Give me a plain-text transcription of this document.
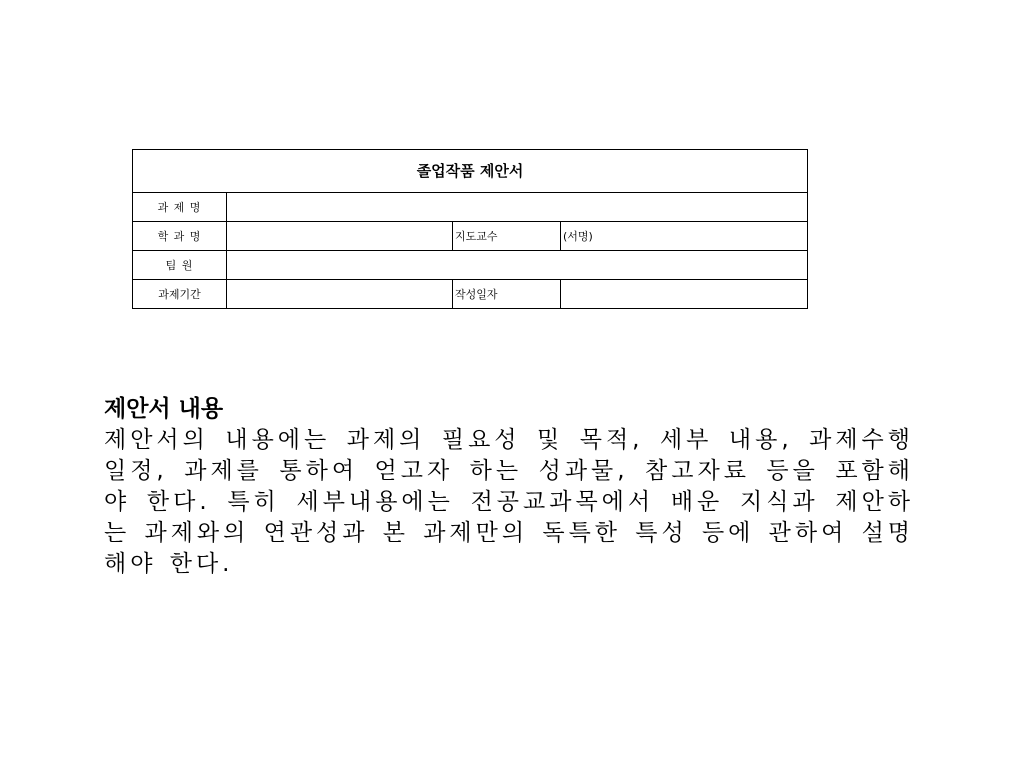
졸업작품 제안서			
과 제 명			
학 과 명		지도교수	(서명)
팀 원			
과제기간		작성일자	
제안서 내용

제안서의 내용에는 과제의 필요성 및 목적, 세부 내용, 과제수행 일정, 과제를 통하여 얻고자 하는 성과물, 참고자료 등을 포함해야 한다. 특히 세부내용에는 전공교과목에서 배운 지식과 제안하는 과제와의 연관성과 본 과제만의 독특한 특성 등에 관하여 설명해야 한다.
